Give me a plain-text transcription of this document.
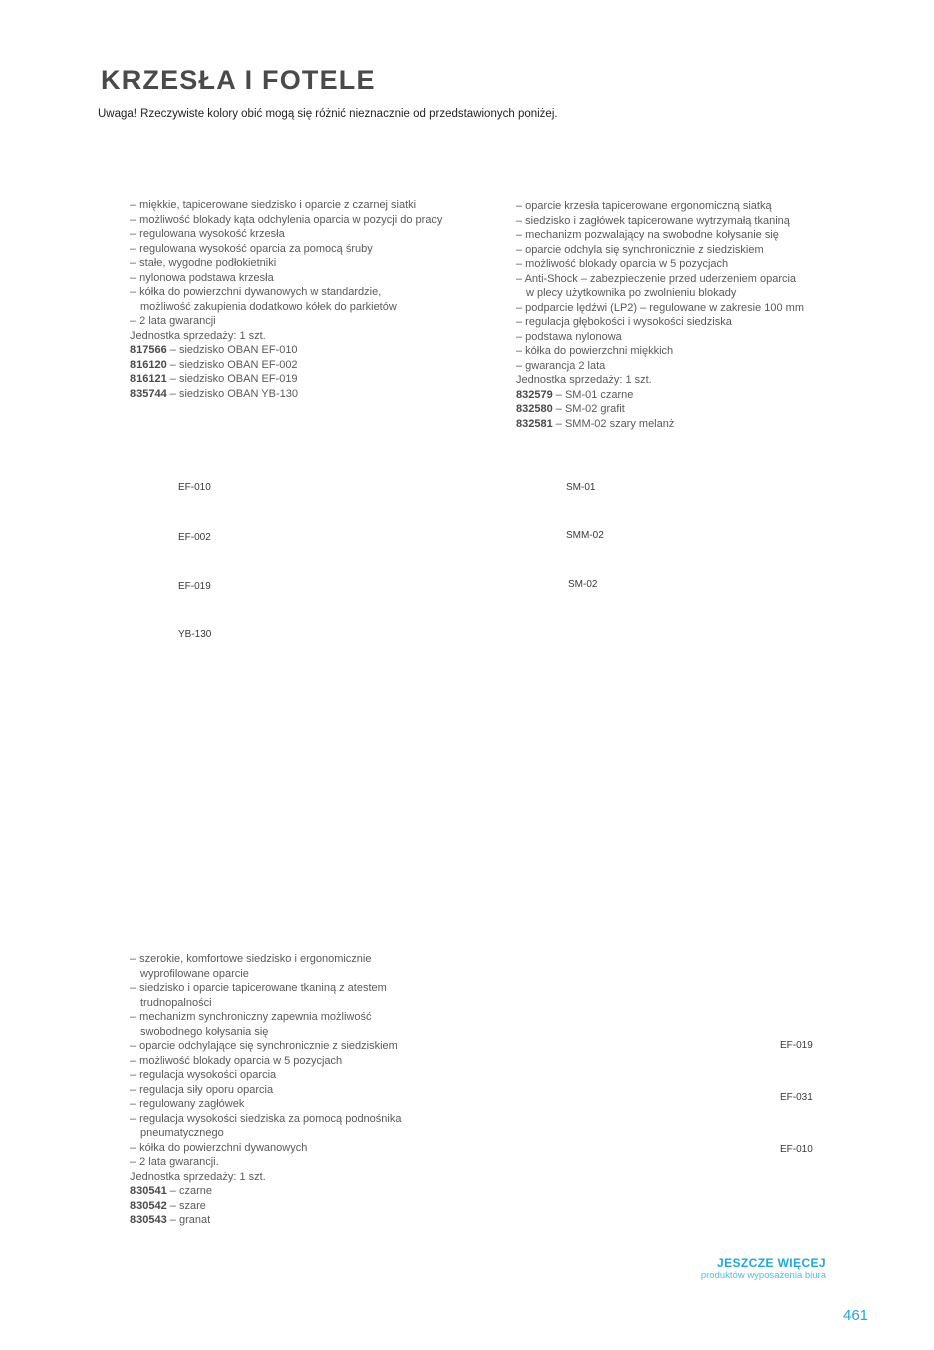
KRZESŁA I FOTELE
Uwaga! Rzeczywiste kolory obić mogą się różnić nieznacznie od przedstawionych poniżej.
– miękkie, tapicerowane siedzisko i oparcie z czarnej siatki
– możliwość blokady kąta odchylenia oparcia w pozycji do pracy
– regulowana wysokość krzesła
– regulowana wysokość oparcia za pomocą śruby
– stałe, wygodne podłokietniki
– nylonowa podstawa krzesła
– kółka do powierzchni dywanowych w standardzie,
możliwość zakupienia dodatkowo kółek do parkietów
– 2 lata gwarancji
Jednostka sprzedaży: 1 szt.
817566 – siedzisko OBAN EF-010
816120 – siedzisko OBAN EF-002
816121 – siedzisko OBAN EF-019
835744 – siedzisko OBAN YB-130
– oparcie krzesła tapicerowane ergonomiczną siatką
– siedzisko i zagłówek tapicerowane wytrzymałą tkaniną
– mechanizm pozwalający na swobodne kołysanie się
– oparcie odchyla się synchronicznie z siedziskiem
– możliwość blokady oparcia w 5 pozycjach
– Anti-Shock – zabezpieczenie przed uderzeniem oparcia
w plecy użytkownika po zwolnieniu blokady
– podparcie lędźwi (LP2) – regulowane w zakresie 100 mm
– regulacja głębokości i wysokości siedziska
– podstawa nylonowa
– kółka do powierzchni miękkich
– gwarancja 2 lata
Jednostka sprzedaży: 1 szt.
832579 – SM-01 czarne
832580 – SM-02 grafit
832581 – SMM-02 szary melanż
EF-010
EF-002
EF-019
YB-130
SM-01
SMM-02
SM-02
– szerokie, komfortowe siedzisko i ergonomicznie
wyprofilowane oparcie
– siedzisko i oparcie tapicerowane tkaniną z atestem
trudnopalności
– mechanizm synchroniczny zapewnia możliwość
swobodnego kołysania się
– oparcie odchylające się synchronicznie z siedziskiem
– możliwość blokady oparcia w 5 pozycjach
– regulacja wysokości oparcia
– regulacja siły oporu oparcia
– regulowany zagłówek
– regulacja wysokości siedziska za pomocą podnośnika
pneumatycznego
– kółka do powierzchni dywanowych
– 2 lata gwarancji.
Jednostka sprzedaży: 1 szt.
830541 – czarne
830542 – szare
830543 – granat
EF-019
EF-031
EF-010
JESZCZE WIĘCEJ
produktów wyposażenia biura
461
